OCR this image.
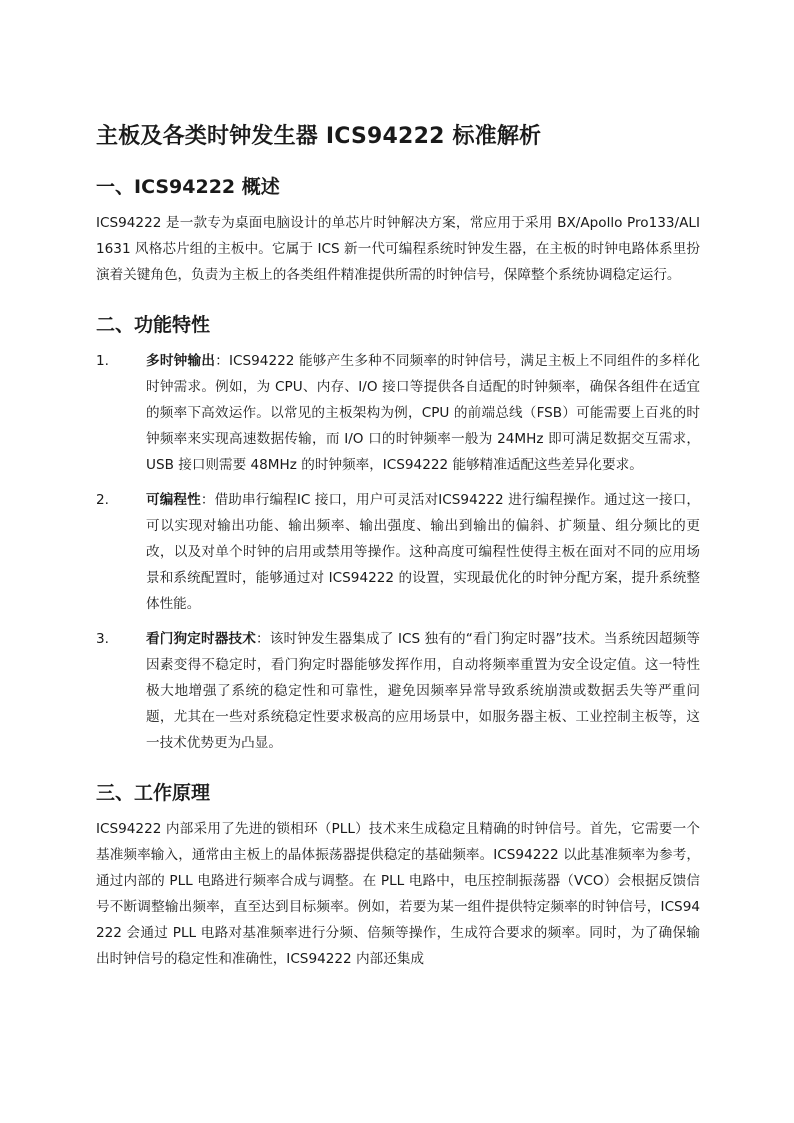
主板及各类时钟发生器 ICS94222 标准解析
一、ICS94222 概述

ICS94222 是一款专为桌面电脑设计的单芯片时钟解决方案，常应用于采用 BX/Apollo Pro133/ALI 1631 风格芯片组的主板中。它属于 ICS 新一代可编程系统时钟发生器，在主板的时钟电路体系里扮演着关键角色，负责为主板上的各类组件精准提供所需的时钟信号，保障整个系统协调稳定运行。

二、功能特性
1.	多时钟输出：ICS94222 能够产生多种不同频率的时钟信号，满足主板上不同组件的多样化时钟需求。例如，为 CPU、内存、I/O 接口等提供各自适配的时钟频率，确保各组件在适宜的频率下高效运作。以常见的主板架构为例，CPU 的前端总线（FSB）可能需要上百兆的时钟频率来实现高速数据传输，而 I/O 口的时钟频率一般为 24MHz 即可满足数据交互需求，USB 接口则需要 48MHz 的时钟频率，ICS94222 能够精准适配这些差异化要求。
2.	可编程性：借助串行编程IC 接口，用户可灵活对ICS94222 进行编程操作。通过这一接口，可以实现对输出功能、输出频率、输出强度、输出到输出的偏斜、扩频量、组分频比的更改，以及对单个时钟的启用或禁用等操作。这种高度可编程性使得主板在面对不同的应用场景和系统配置时，能够通过对 ICS94222 的设置，实现最优化的时钟分配方案，提升系统整体性能。
3.	看门狗定时器技术：该时钟发生器集成了 ICS 独有的“看门狗定时器”技术。当系统因超频等因素变得不稳定时，看门狗定时器能够发挥作用，自动将频率重置为安全设定值。这一特性极大地增强了系统的稳定性和可靠性，避免因频率异常导致系统崩溃或数据丢失等严重问题，尤其在一些对系统稳定性要求极高的应用场景中，如服务器主板、工业控制主板等，这一技术优势更为凸显。
三、工作原理

ICS94222 内部采用了先进的锁相环（PLL）技术来生成稳定且精确的时钟信号。首先，它需要一个基准频率输入，通常由主板上的晶体振荡器提供稳定的基础频率。ICS94222 以此基准频率为参考，通过内部的 PLL 电路进行频率合成与调整。在 PLL 电路中，电压控制振荡器（VCO）会根据反馈信号不断调整输出频率，直至达到目标频率。例如，若要为某一组件提供特定频率的时钟信号，ICS94222 会通过 PLL 电路对基准频率进行分频、倍频等操作，生成符合要求的频率。同时，为了确保输出时钟信号的稳定性和准确性，ICS94222 内部还集成
